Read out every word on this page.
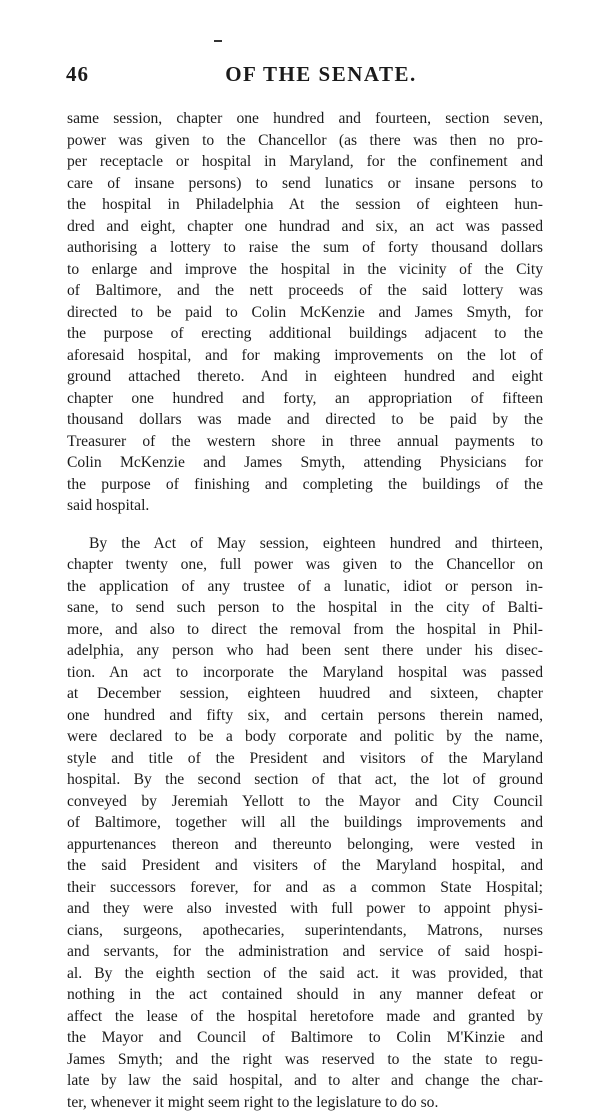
46	OF THE SENATE.
same session, chapter one hundred and fourteen, section seven,
power was given to the Chancellor (as there was then no pro-
per receptacle or hospital in Maryland, for the confinement and
care of insane persons) to send lunatics or insane persons to
the hospital in Philadelphia At the session of eighteen hun-
dred and eight, chapter one hundrad and six, an act was passed
authorising a lottery to raise the sum of forty thousand dollars
to enlarge and improve the hospital in the vicinity of the City
of Baltimore, and the nett proceeds of the said lottery was
directed to be paid to Colin McKenzie and James Smyth, for
the purpose of erecting additional buildings adjacent to the
aforesaid hospital, and for making improvements on the lot of
ground attached thereto. And in eighteen hundred and eight
chapter one hundred and forty, an appropriation of fifteen
thousand dollars was made and directed to be paid by the
Treasurer of the western shore in three annual payments to
Colin McKenzie and James Smyth, attending Physicians for
the purpose of finishing and completing the buildings of the
said hospital.
By the Act of May session, eighteen hundred and thirteen,
chapter twenty one, full power was given to the Chancellor on
the application of any trustee of a lunatic, idiot or person in-
sane, to send such person to the hospital in the city of Balti-
more, and also to direct the removal from the hospital in Phil-
adelphia, any person who had been sent there under his disec-
tion. An act to incorporate the Maryland hospital was passed
at December session, eighteen huudred and sixteen, chapter
one hundred and fifty six, and certain persons therein named,
were declared to be a body corporate and politic by the name,
style and title of the President and visitors of the Maryland
hospital. By the second section of that act, the lot of ground
conveyed by Jeremiah Yellott to the Mayor and City Council
of Baltimore, together will all the buildings improvements and
appurtenances thereon and thereunto belonging, were vested in
the said President and visiters of the Maryland hospital, and
their successors forever, for and as a common State Hospital;
and they were also invested with full power to appoint physi-
cians, surgeons, apothecaries, superintendants, Matrons, nurses
and servants, for the administration and service of said hospi-
al. By the eighth section of the said act. it was provided, that
nothing in the act contained should in any manner defeat or
affect the lease of the hospital heretofore made and granted by
the Mayor and Council of Baltimore to Colin M'Kinzie and
James Smyth; and the right was reserved to the state to regu-
late by law the said hospital, and to alter and change the char-
ter, whenever it might seem right to the legislature to do so.
